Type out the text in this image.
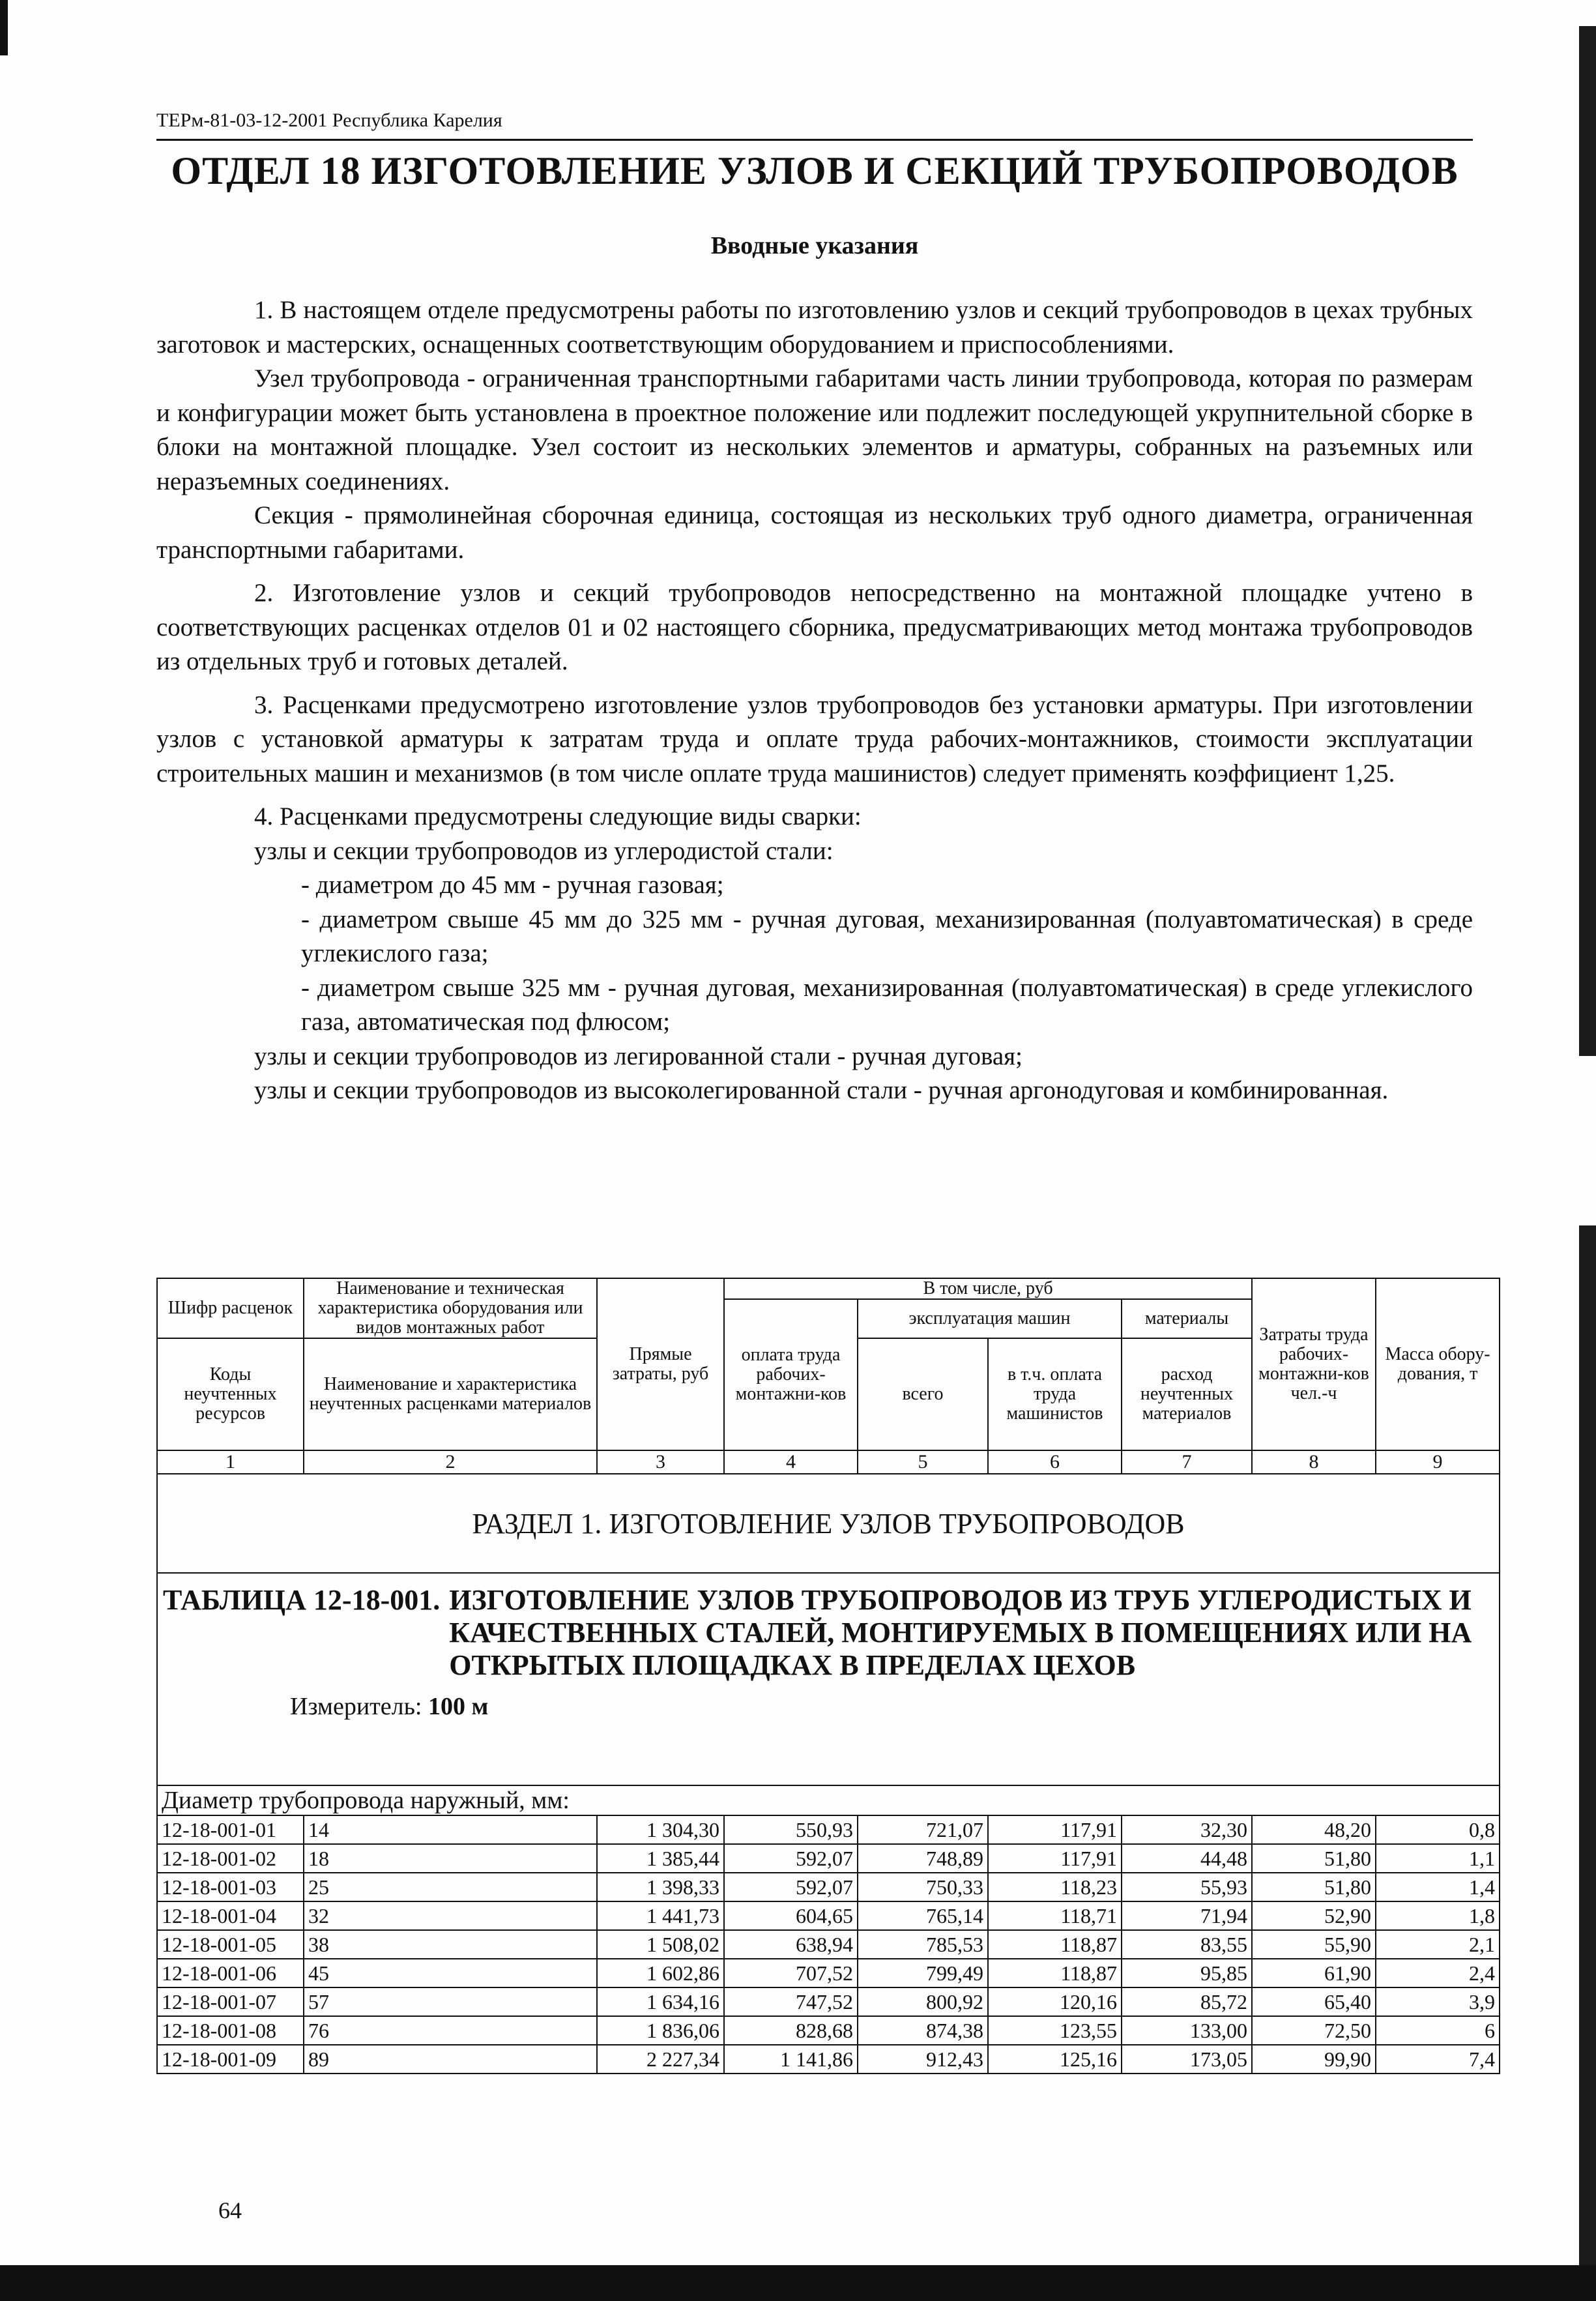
ТЕРм-81-03-12-2001 Республика Карелия
ОТДЕЛ 18 ИЗГОТОВЛЕНИЕ УЗЛОВ И СЕКЦИЙ ТРУБОПРОВОДОВ
Вводные указания

1. В настоящем отделе предусмотрены работы по изготовлению узлов и секций трубопроводов в цехах трубных заготовок и мастерских, оснащенных соответствующим оборудованием и приспособлениями.

Узел трубопровода - ограниченная транспортными габаритами часть линии трубопровода, которая по размерам и конфигурации может быть установлена в проектное положение или подлежит последующей укрупнительной сборке в блоки на монтажной площадке. Узел состоит из нескольких элементов и арматуры, собранных на разъемных или неразъемных соединениях.

Секция - прямолинейная сборочная единица, состоящая из нескольких труб одного диаметра, ограниченная транспортными габаритами.

2. Изготовление узлов и секций трубопроводов непосредственно на монтажной площадке учтено в соответствующих расценках отделов 01 и 02 настоящего сборника, предусматривающих метод монтажа трубопроводов из отдельных труб и готовых деталей.

3. Расценками предусмотрено изготовление узлов трубопроводов без установки арматуры. При изготовлении узлов с установкой арматуры к затратам труда и оплате труда рабочих-монтажников, стоимости эксплуатации строительных машин и механизмов (в том числе оплате труда машинистов) следует применять коэффициент 1,25.

4. Расценками предусмотрены следующие виды сварки:

узлы и секции трубопроводов из углеродистой стали:

- диаметром до 45 мм - ручная газовая;

- диаметром свыше 45 мм до 325 мм - ручная дуговая, механизированная (полуавтоматическая) в среде углекислого газа;

- диаметром свыше 325 мм - ручная дуговая, механизированная (полуавтоматическая) в среде углекислого газа, автоматическая под флюсом;

узлы и секции трубопроводов из легированной стали - ручная дуговая;

узлы и секции трубопроводов из высоколегированной стали - ручная аргонодуговая и комбинированная.

Шифр расценок	Наименование и техническая характеристика оборудования или видов монтажных работ	Прямые затраты, руб	В том числе, руб				Затраты труда рабочих-монтажни-ков чел.-ч	Масса обору-дования, т
			оплата труда рабочих-монтажни-ков	эксплуатация машин		материалы		
Коды неучтенных ресурсов	Наименование и характеристика неучтенных расценками материалов			всего	в т.ч. оплата труда машинистов	расход неучтенных материалов		

1	2	3	4	5	6	7	8	9
РАЗДЕЛ 1. ИЗГОТОВЛЕНИЕ УЗЛОВ ТРУБОПРОВОДОВ								

ТАБЛИЦА 12-18-001. ИЗГОТОВЛЕНИЕ УЗЛОВ ТРУБОПРОВОДОВ ИЗ ТРУБ УГЛЕРОДИСТЫХ И КАЧЕСТВЕННЫХ СТАЛЕЙ, МОНТИРУЕМЫХ В ПОМЕЩЕНИЯХ ИЛИ НА ОТКРЫТЫХ ПЛОЩАДКАХ В ПРЕДЕЛАХ ЦЕХОВ
Измеритель: 100 м								

Диаметр трубопровода наружный, мм:								
12-18-001-01	14	1 304,30	550,93	721,07	117,91	32,30	48,20	0,8
12-18-001-02	18	1 385,44	592,07	748,89	117,91	44,48	51,80	1,1
12-18-001-03	25	1 398,33	592,07	750,33	118,23	55,93	51,80	1,4
12-18-001-04	32	1 441,73	604,65	765,14	118,71	71,94	52,90	1,8
12-18-001-05	38	1 508,02	638,94	785,53	118,87	83,55	55,90	2,1
12-18-001-06	45	1 602,86	707,52	799,49	118,87	95,85	61,90	2,4
12-18-001-07	57	1 634,16	747,52	800,92	120,16	85,72	65,40	3,9
12-18-001-08	76	1 836,06	828,68	874,38	123,55	133,00	72,50	6
12-18-001-09	89	2 227,34	1 141,86	912,43	125,16	173,05	99,90	7,4
64
